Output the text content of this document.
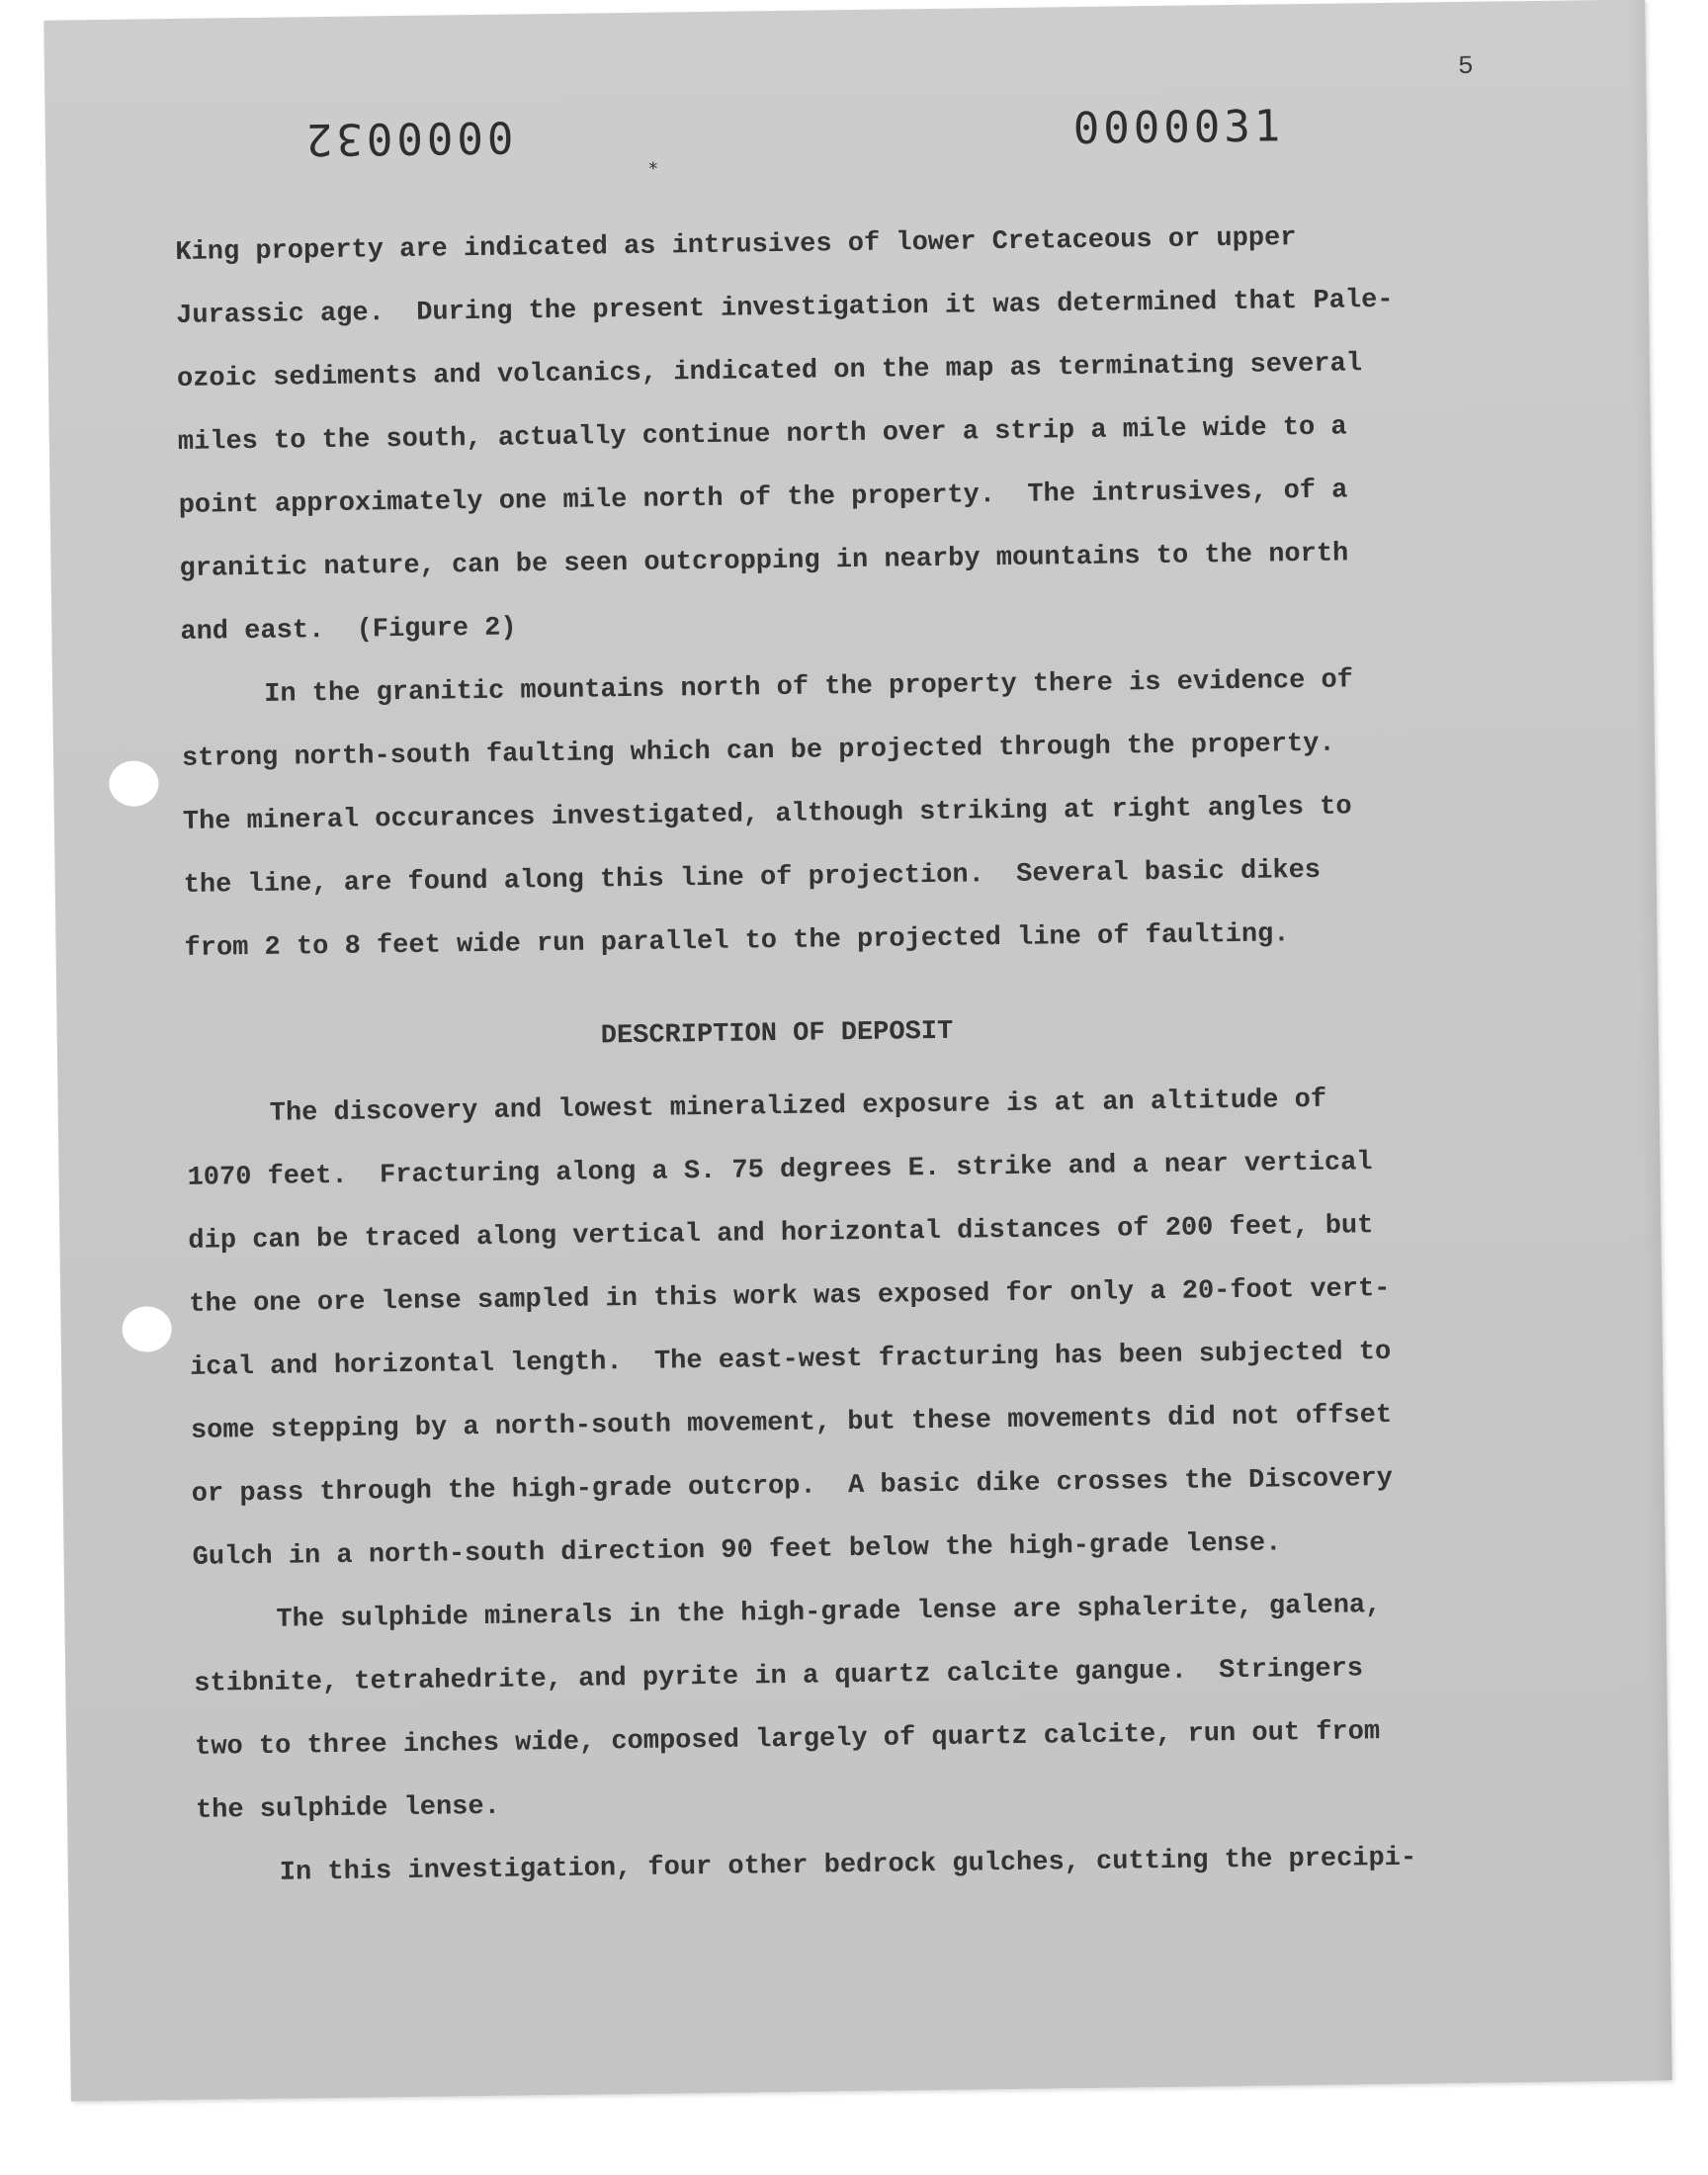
5
0000032	0000031
*
King property are indicated as intrusives of lower Cretaceous or upper
Jurassic age.  During the present investigation it was determined that Pale-
ozoic sediments and volcanics, indicated on the map as terminating several
miles to the south, actually continue north over a strip a mile wide to a
point approximately one mile north of the property.  The intrusives, of a
granitic nature, can be seen outcropping in nearby mountains to the north
and east.  (Figure 2)
In the granitic mountains north of the property there is evidence of
strong north-south faulting which can be projected through the property.
The mineral occurances investigated, although striking at right angles to
the line, are found along this line of projection.  Several basic dikes
from 2 to 8 feet wide run parallel to the projected line of faulting.
DESCRIPTION OF DEPOSIT
The discovery and lowest mineralized exposure is at an altitude of
1070 feet.  Fracturing along a S. 75 degrees E. strike and a near vertical
dip can be traced along vertical and horizontal distances of 200 feet, but
the one ore lense sampled in this work was exposed for only a 20-foot vert-
ical and horizontal length.  The east-west fracturing has been subjected to
some stepping by a north-south movement, but these movements did not offset
or pass through the high-grade outcrop.  A basic dike crosses the Discovery
Gulch in a north-south direction 90 feet below the high-grade lense.
The sulphide minerals in the high-grade lense are sphalerite, galena,
stibnite, tetrahedrite, and pyrite in a quartz calcite gangue.  Stringers
two to three inches wide, composed largely of quartz calcite, run out from
the sulphide lense.
In this investigation, four other bedrock gulches, cutting the precipi-
